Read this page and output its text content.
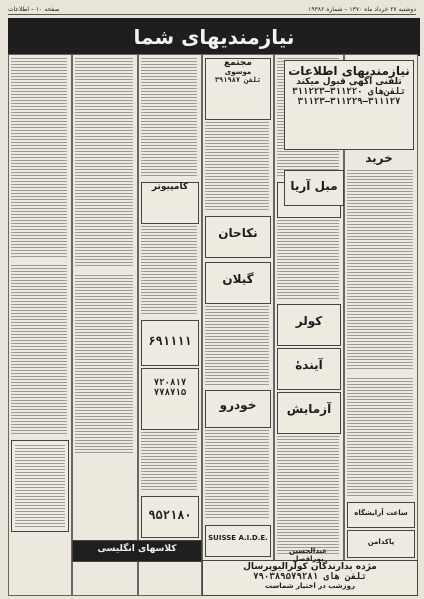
صفحه ۱۰ – اطلاعات	دوشنبه ۲۷ خرداد ماه ۱۳۷۰ – شماره ۱۹۳۸۶
نیازمندیهای شما
کامپیوتر
۶۹۱۱۱۱
۷۲۰۸۱۷
۷۷۸۷۱۵
۹۵۲۱۸۰
کلاسهای انگلیسی
مجتمع
موسوی
تلفن ۳۹۱۹۸۷
نکاحان
گیلان
خودرو
SUISSE A.I.D.E.
کولر
آیندهٔ
آزمایش
نیازمندیهای اطلاعات
تلفنی آگهی قبول میکند
تلفن‌های ۳۱۱۲۲۰–۳۱۱۲۲۳
۳۱۱۱۲۷–۳۱۱۲۲۹–۳۱۱۲۳
خرید
مبل آریا
ساعت آرایشگاه
پاکدامن
مژده بدارندگان کولرالیوپرسال
تلفن های ۷۹۰۳۸۹۵۷۹۲۸۱
روزشب در اختیار شماست
عبدالحسین یوراقصل
